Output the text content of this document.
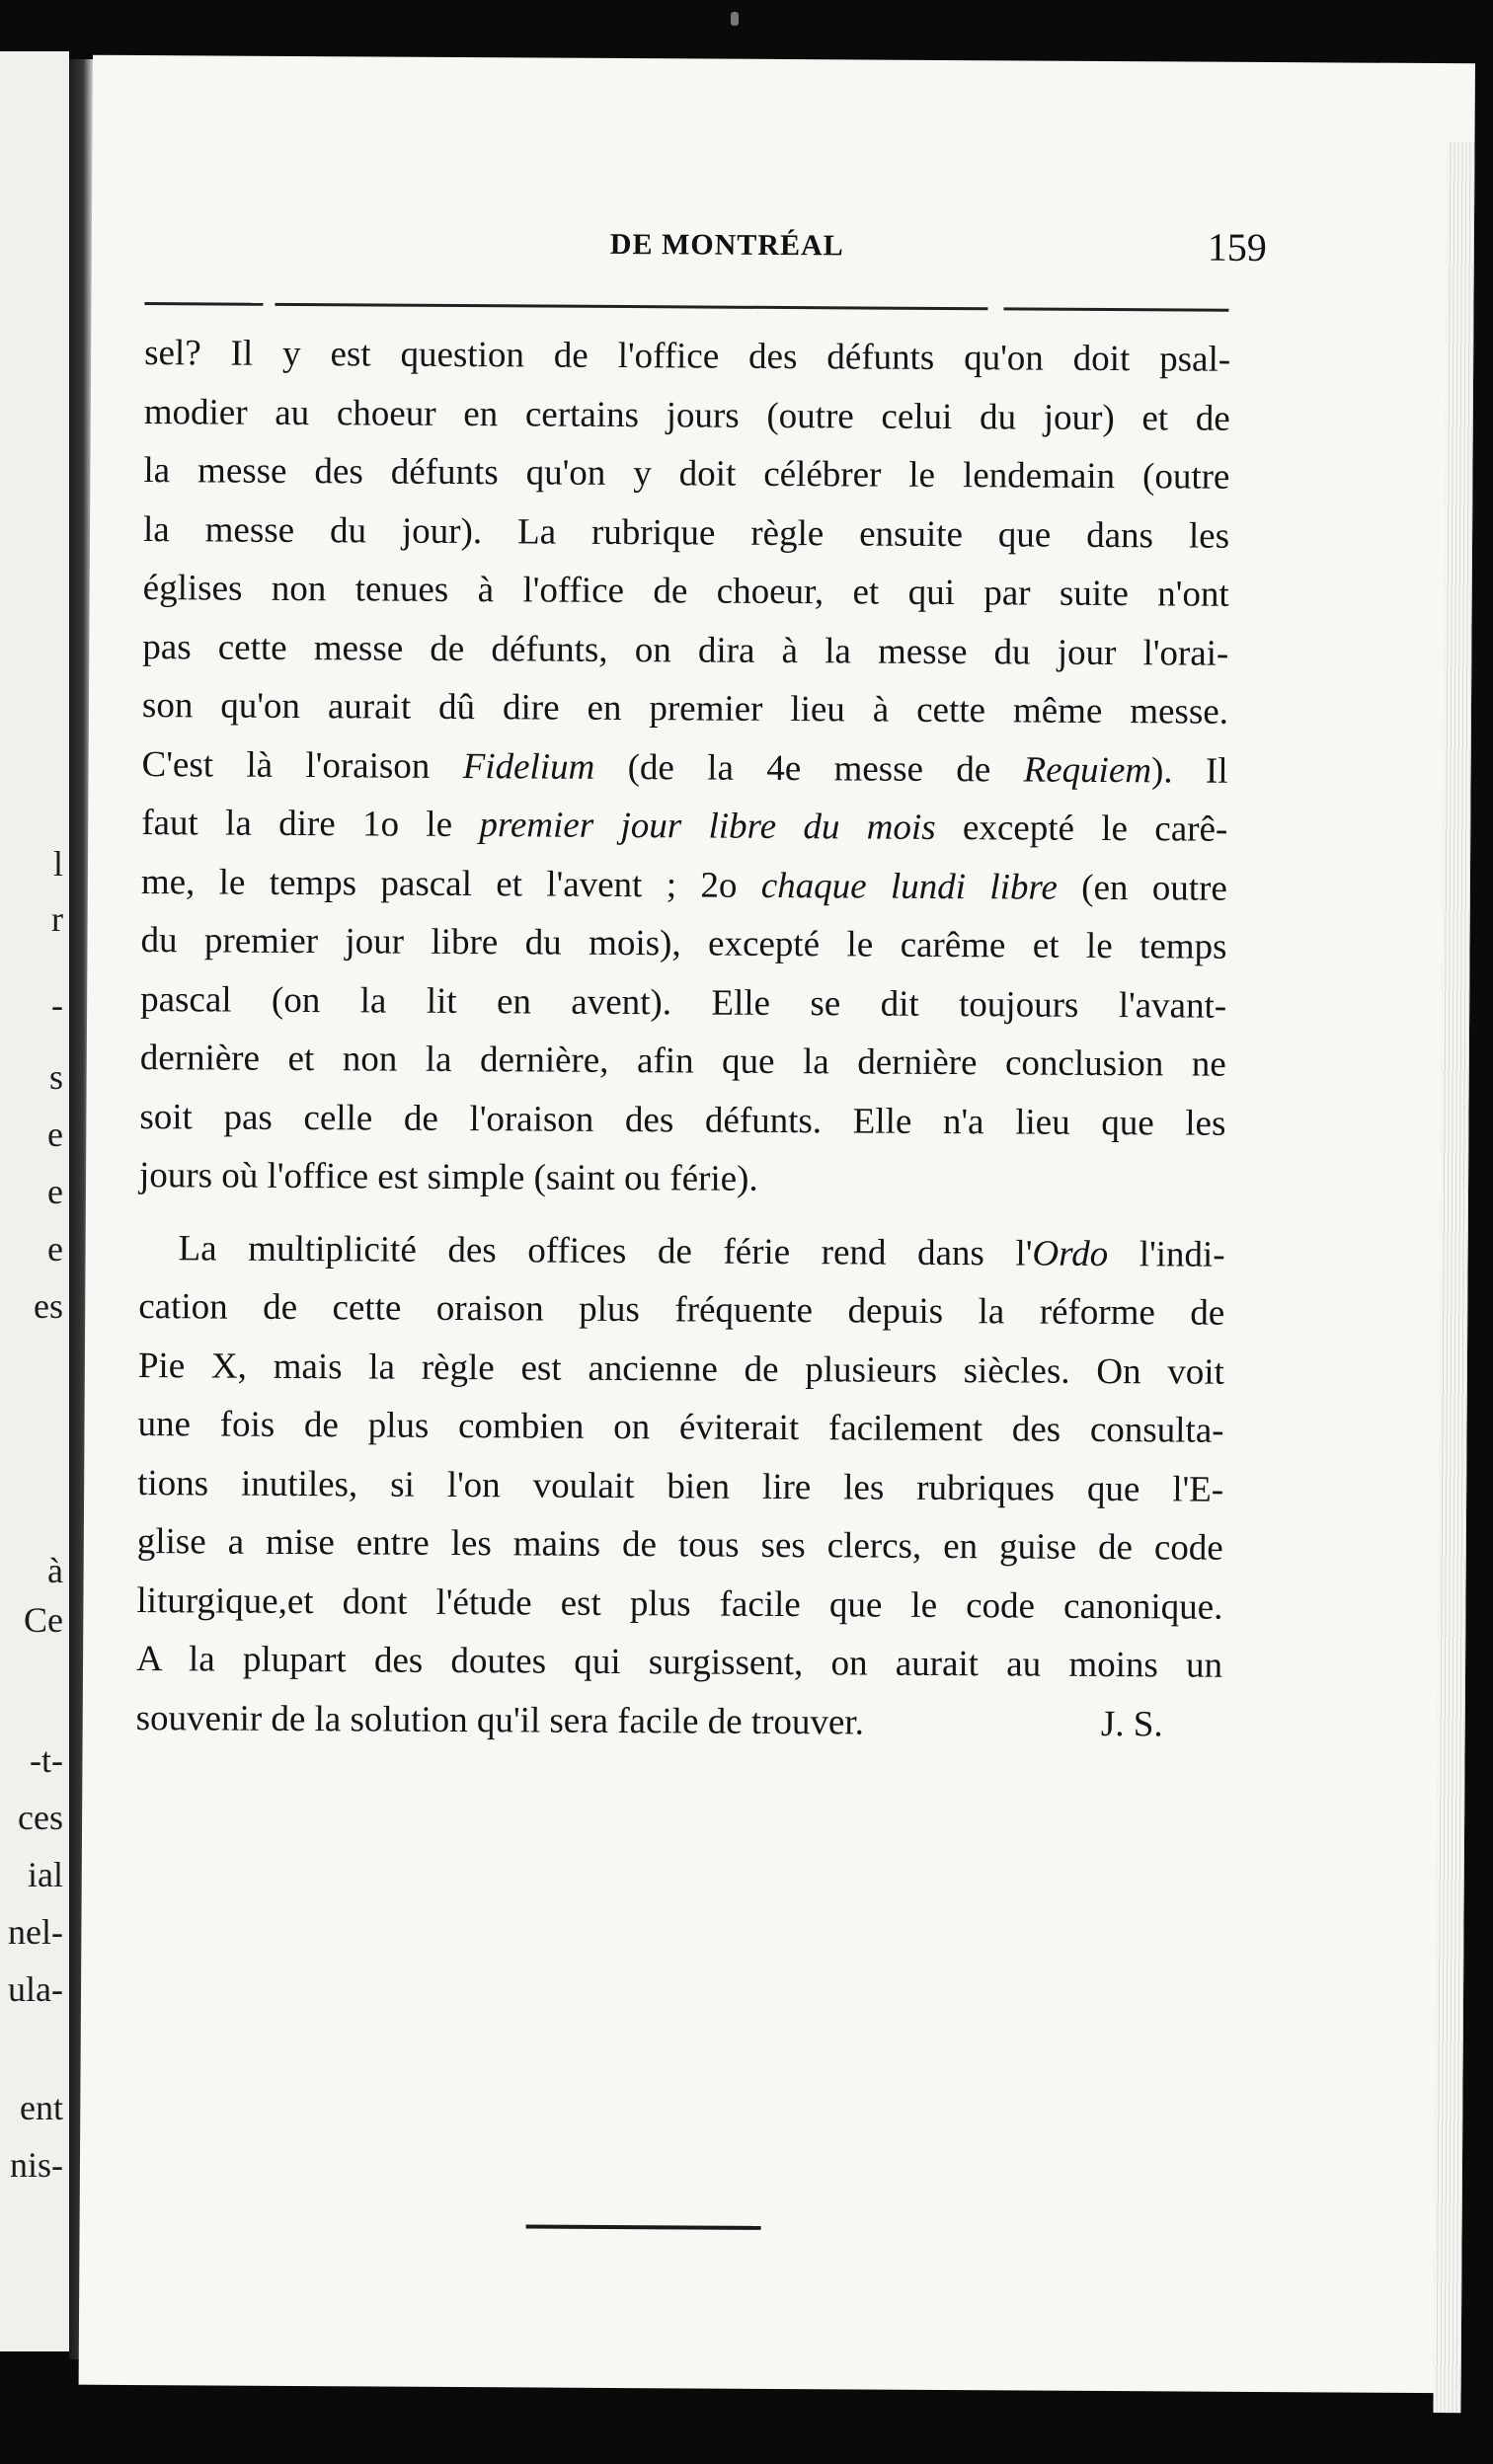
l
r
-
s
e
e
e
es
à
Ce
-t-
ces
ial
nel-
ula-
ent
nis-
DE MONTRÉAL	159
sel? Il y est question de l'office des défunts qu'on doit psal-
modier au choeur en certains jours (outre celui du jour) et de
la messe des défunts qu'on y doit célébrer le lendemain (outre
la messe du jour). La rubrique règle ensuite que dans les
églises non tenues à l'office de choeur, et qui par suite n'ont
pas cette messe de défunts, on dira à la messe du jour l'orai-
son qu'on aurait dû dire en premier lieu à cette même messe.
C'est là l'oraison Fidelium (de la 4e messe de Requiem). Il
faut la dire 1o le premier jour libre du mois excepté le carê-
me, le temps pascal et l'avent ; 2o chaque lundi libre (en outre
du premier jour libre du mois), excepté le carême et le temps
pascal (on la lit en avent). Elle se dit toujours l'avant-
dernière et non la dernière, afin que la dernière conclusion ne
soit pas celle de l'oraison des défunts. Elle n'a lieu que les
jours où l'office est simple (saint ou férie).
La multiplicité des offices de férie rend dans l'Ordo l'indi-
cation de cette oraison plus fréquente depuis la réforme de
Pie X, mais la règle est ancienne de plusieurs siècles. On voit
une fois de plus combien on éviterait facilement des consulta-
tions inutiles, si l'on voulait bien lire les rubriques que l'E-
glise a mise entre les mains de tous ses clercs, en guise de code
liturgique,et dont l'étude est plus facile que le code canonique.
A la plupart des doutes qui surgissent, on aurait au moins un
souvenir de la solution qu'il sera facile de trouver.	J. S.
